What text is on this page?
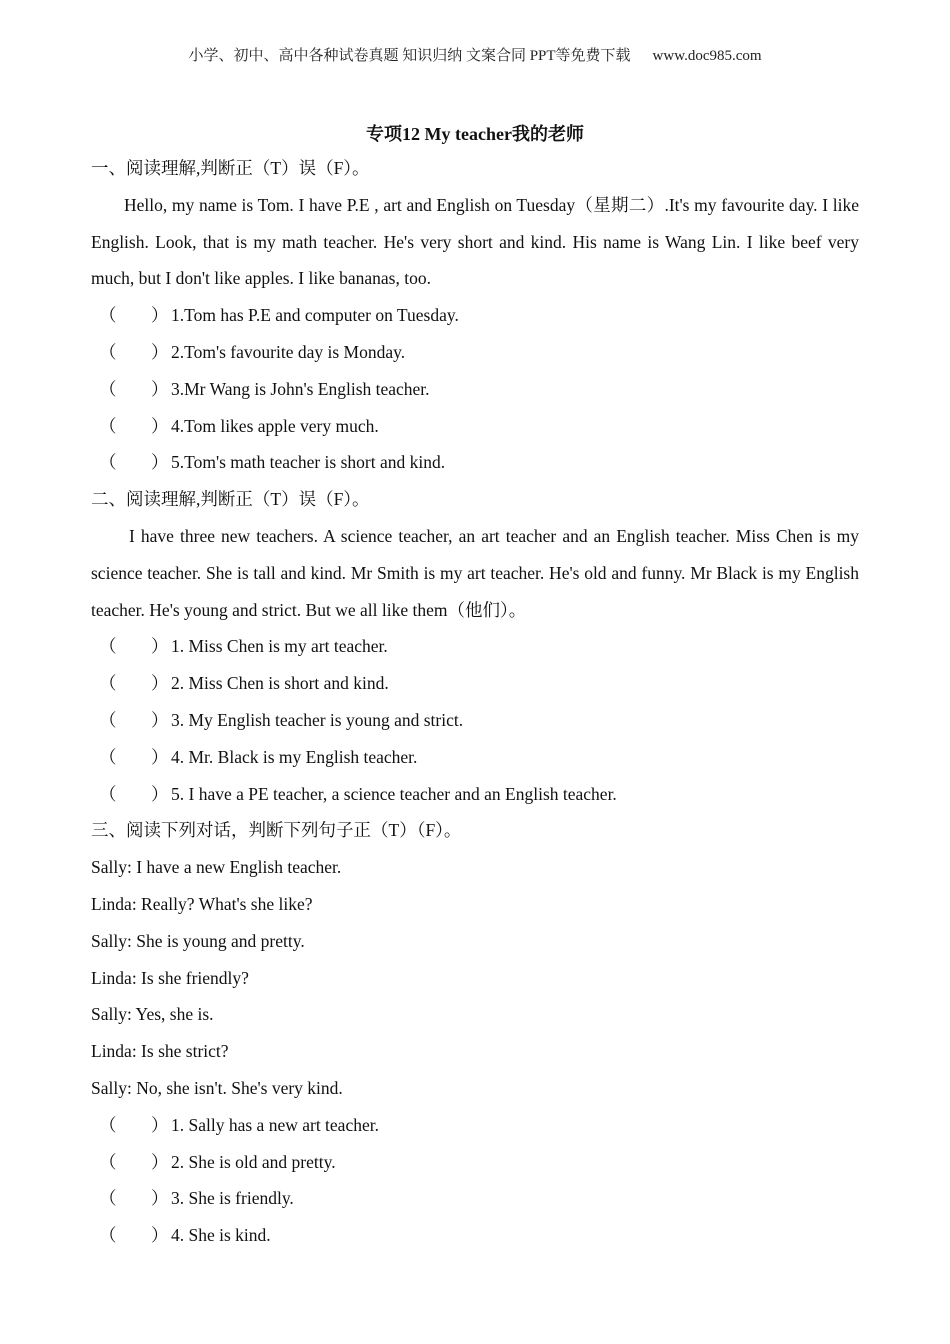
小学、初中、高中各种试卷真题 知识归纳 文案合同 PPT等免费下载 www.doc985.com
专项12 My teacher我的老师
一、阅读理解,判断正（T）误（F）。

Hello, my name is Tom. I have P.E , art and English on Tuesday（星期二）.It's my favourite day. I like English. Look, that is my math teacher. He's very short and kind. His name is Wang Lin. I like beef very much, but I don't like apples. I like bananas, too.

（ ） 1.Tom has P.E and computer on Tuesday.
（ ） 2.Tom's favourite day is Monday.
（ ） 3.Mr Wang is John's English teacher.
（ ） 4.Tom likes apple very much.
（ ） 5.Tom's math teacher is short and kind.
二、阅读理解,判断正（T）误（F）。

I have three new teachers. A science teacher, an art teacher and an English teacher. Miss Chen is my science teacher. She is tall and kind. Mr Smith is my art teacher. He's old and funny. Mr Black is my English teacher. He's young and strict. But we all like them（他们）。

（ ） 1. Miss Chen is my art teacher.
（ ） 2. Miss Chen is short and kind.
（ ） 3. My English teacher is young and strict.
（ ） 4. Mr. Black is my English teacher.
（ ） 5. I have a PE teacher, a science teacher and an English teacher.
三、阅读下列对话，判断下列句子正（T）（F）。
Sally: I have a new English teacher.
Linda: Really? What's she like?
Sally: She is young and pretty.
Linda: Is she friendly?
Sally: Yes, she is.
Linda: Is she strict?
Sally: No, she isn't. She's very kind.
（ ） 1. Sally has a new art teacher.
（ ） 2. She is old and pretty.
（ ） 3. She is friendly.
（ ） 4. She is kind.
